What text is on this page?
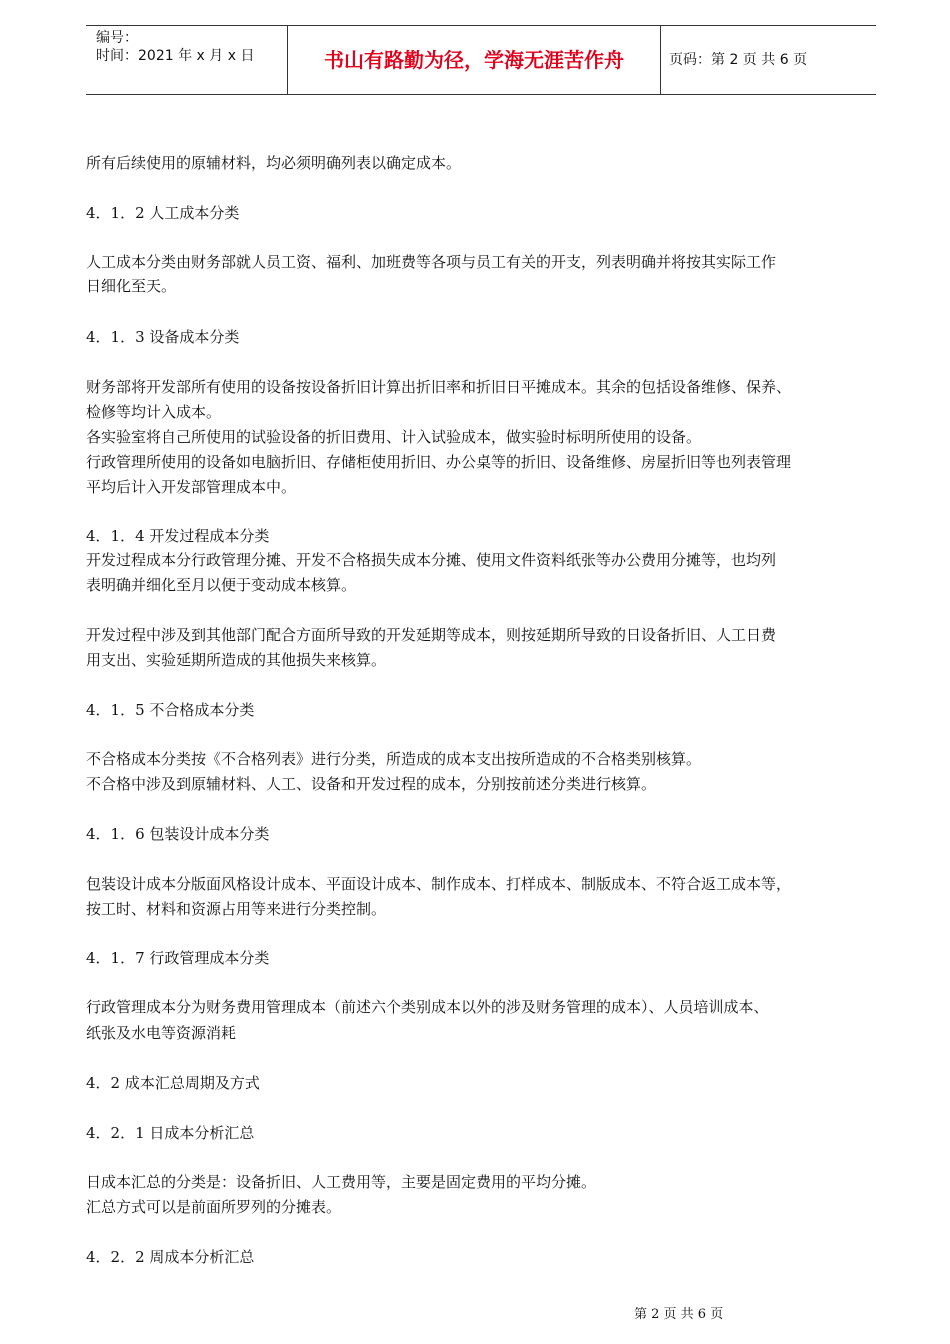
编号：
时间：2021 年 x 月 x 日	书山有路勤为径，学海无涯苦作舟	页码：第 2 页 共 6 页
所有后续使用的原辅材料，均必须明确列表以确定成本。
4．1．2 人工成本分类
人工成本分类由财务部就人员工资、福利、加班费等各项与员工有关的开支，列表明确并将按其实际工作
日细化至天。
4．1．3 设备成本分类
财务部将开发部所有使用的设备按设备折旧计算出折旧率和折旧日平摊成本。其余的包括设备维修、保养、
检修等均计入成本。
各实验室将自己所使用的试验设备的折旧费用、计入试验成本，做实验时标明所使用的设备。
行政管理所使用的设备如电脑折旧、存储柜使用折旧、办公桌等的折旧、设备维修、房屋折旧等也列表管理
平均后计入开发部管理成本中。
4．1．4 开发过程成本分类
开发过程成本分行政管理分摊、开发不合格损失成本分摊、使用文件资料纸张等办公费用分摊等，也均列
表明确并细化至月以便于变动成本核算。
开发过程中涉及到其他部门配合方面所导致的开发延期等成本，则按延期所导致的日设备折旧、人工日费
用支出、实验延期所造成的其他损失来核算。
4．1．5 不合格成本分类
不合格成本分类按《不合格列表》进行分类，所造成的成本支出按所造成的不合格类别核算。
不合格中涉及到原辅材料、人工、设备和开发过程的成本，分别按前述分类进行核算。
4．1．6 包装设计成本分类
包装设计成本分版面风格设计成本、平面设计成本、制作成本、打样成本、制版成本、不符合返工成本等，
按工时、材料和资源占用等来进行分类控制。
4．1．7 行政管理成本分类
行政管理成本分为财务费用管理成本（前述六个类别成本以外的涉及财务管理的成本）、人员培训成本、
纸张及水电等资源消耗
4．2 成本汇总周期及方式
4．2．1 日成本分析汇总
日成本汇总的分类是：设备折旧、人工费用等，主要是固定费用的平均分摊。
汇总方式可以是前面所罗列的分摊表。
4．2．2 周成本分析汇总
第 2 页 共 6 页
